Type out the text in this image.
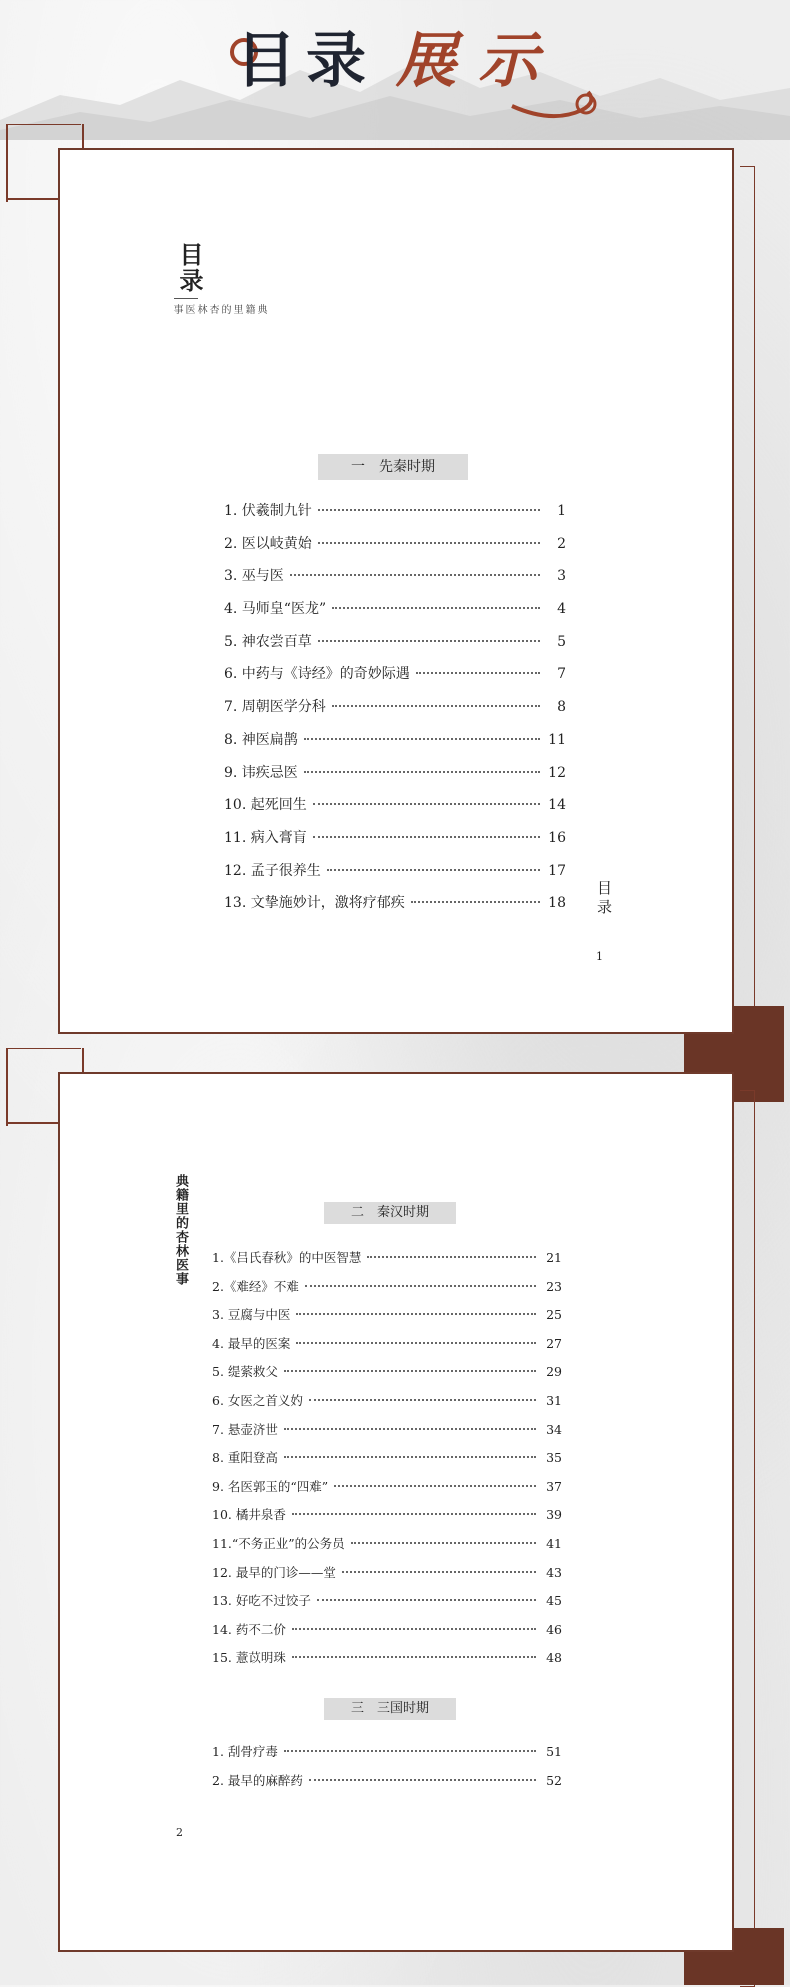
目 录 展 示
目录
典籍里的杏林医事
一　先秦时期
1. 伏羲制九针	1
2. 医以岐黄始	2
3. 巫与医	3
4. 马师皇“医龙”	4
5. 神农尝百草	5
6. 中药与《诗经》的奇妙际遇	7
7. 周朝医学分科	8
8. 神医扁鹊	11
9. 讳疾忌医	12
10. 起死回生	14
11. 病入膏肓	16
12. 孟子很养生	17
13. 文挚施妙计，激将疗郁疾	18 目录
1
典籍里的杏林医事	二　秦汉时期
1.《吕氏春秋》的中医智慧	21
2.《难经》不难	23
3. 豆腐与中医	25
4. 最早的医案	27
5. 缇萦救父	29
6. 女医之首义妁	31
7. 悬壶济世	34
8. 重阳登高	35
9. 名医郭玉的“四难”	37
10. 橘井泉香	39
11.“不务正业”的公务员	41
12. 最早的门诊——堂	43
13. 好吃不过饺子	45
14. 药不二价	46
15. 薏苡明珠	48
三　三国时期
1. 刮骨疗毒	51
2. 最早的麻醉药	52
2
